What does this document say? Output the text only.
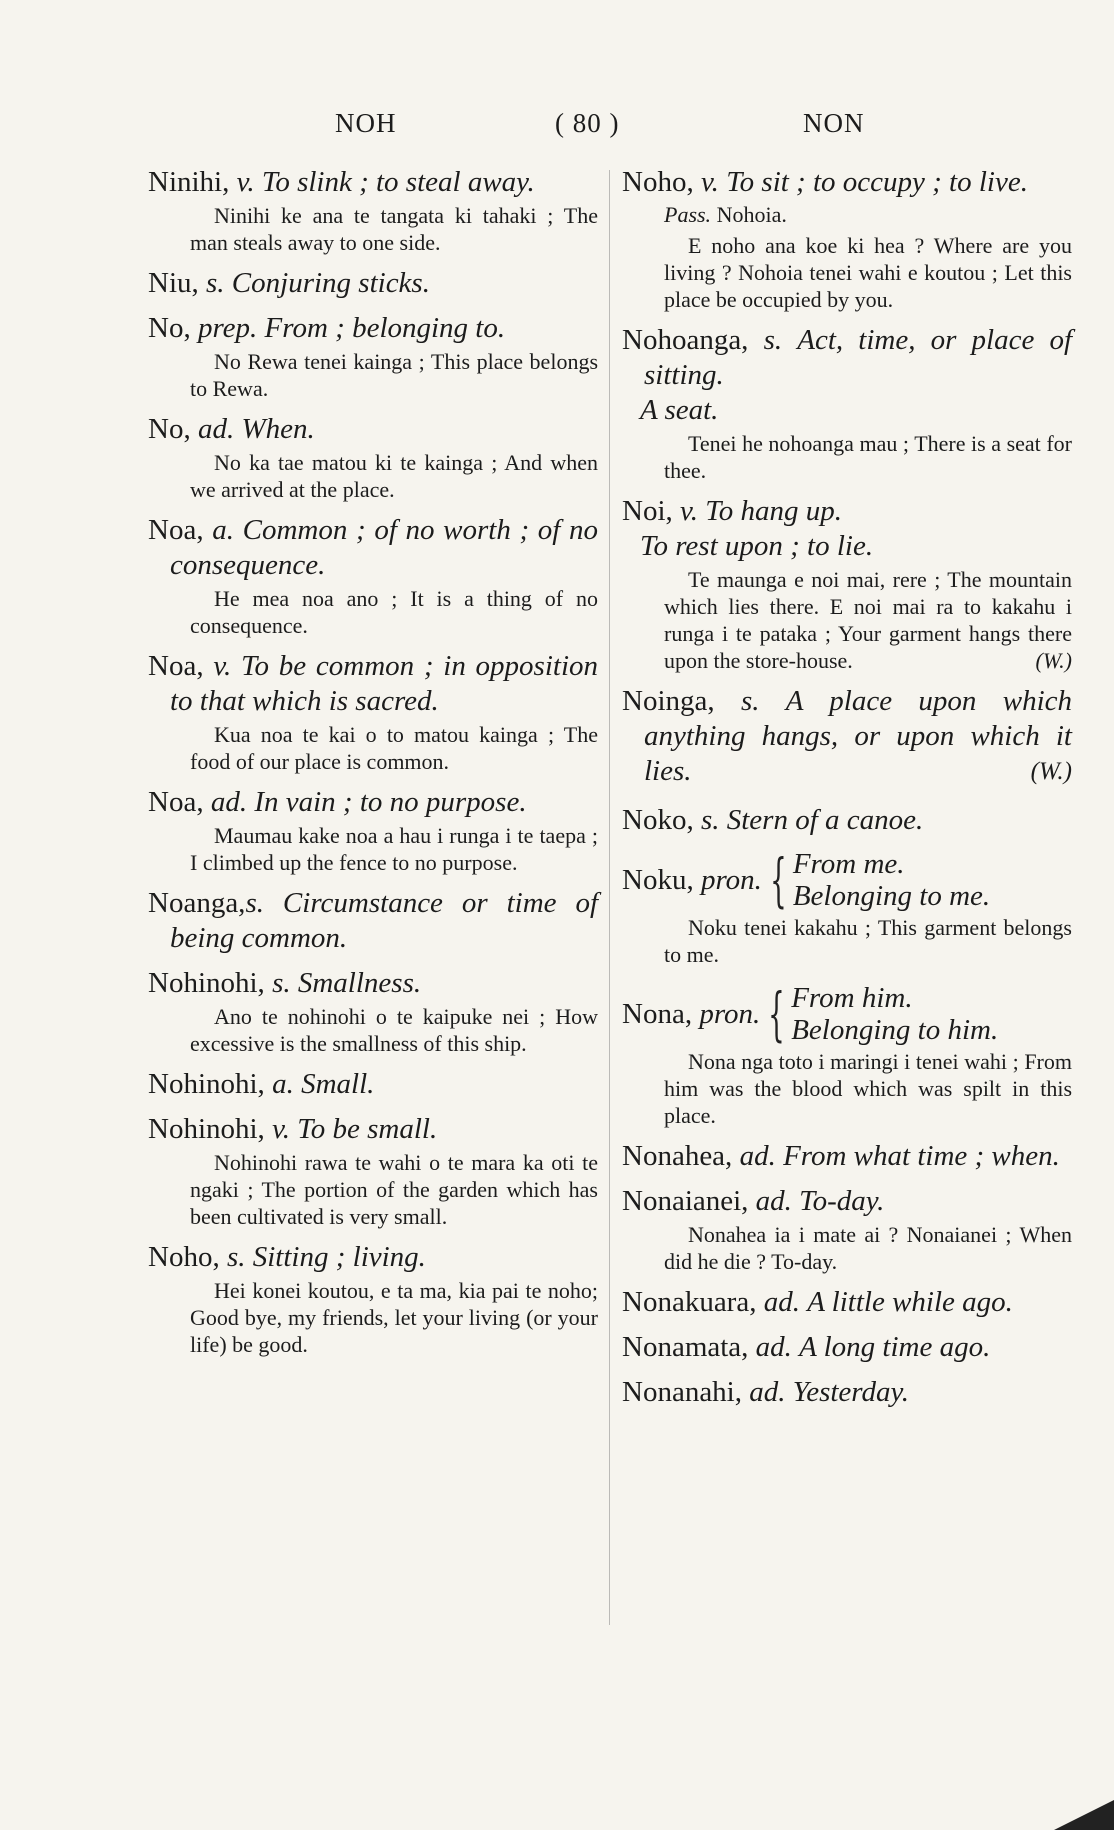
NOH	( 80 )	NON
Ninihi, v. To slink ; to steal away.
Ninihi ke ana te tangata ki tahaki ; The man steals away to one side.
Niu, s. Conjuring sticks.
No, prep. From ; belonging to.
No Rewa tenei kainga ; This place belongs to Rewa.
No, ad. When.
No ka tae matou ki te kainga ; And when we arrived at the place.
Noa, a. Common ; of no worth ; of no consequence.
He mea noa ano ; It is a thing of no consequence.
Noa, v. To be common ; in opposition to that which is sacred.
Kua noa te kai o to matou kainga ; The food of our place is common.
Noa, ad. In vain ; to no purpose.
Maumau kake noa a hau i runga i te taepa ; I climbed up the fence to no purpose.
Noanga,s. Circumstance or time of being common.
Nohinohi, s. Smallness.
Ano te nohinohi o te kaipuke nei ; How excessive is the smallness of this ship.
Nohinohi, a. Small.
Nohinohi, v. To be small.
Nohinohi rawa te wahi o te mara ka oti te ngaki ; The portion of the garden which has been cultivated is very small.
Noho, s. Sitting ; living.
Hei konei koutou, e ta ma, kia pai te noho; Good bye, my friends, let your living (or your life) be good.
Noho, v. To sit ; to occupy ; to live.
Pass. Nohoia.
E noho ana koe ki hea ? Where are you living ? Nohoia tenei wahi e koutou ; Let this place be occupied by you.
Nohoanga, s. Act, time, or place of sitting.
A seat.
Tenei he nohoanga mau ; There is a seat for thee.
Noi, v. To hang up.
To rest upon ; to lie.
Te maunga e noi mai, rere ; The mountain which lies there. E noi mai ra to kakahu i runga i te pataka ; Your garment hangs there upon the store-house.	(W.)
Noinga, s. A place upon which anything hangs, or upon which it lies.	(W.)
Noko, s. Stern of a canoe.
Noku, pron. { From me.
Belonging to me.
Noku tenei kakahu ; This garment belongs to me.
Nona, pron. { From him.
Belonging to him.
Nona nga toto i maringi i tenei wahi ; From him was the blood which was spilt in this place.
Nonahea, ad. From what time ; when.
Nonaianei, ad. To-day.
Nonahea ia i mate ai ? Nonaianei ; When did he die ? To-day.
Nonakuara, ad. A little while ago.
Nonamata, ad. A long time ago.
Nonanahi, ad. Yesterday.
